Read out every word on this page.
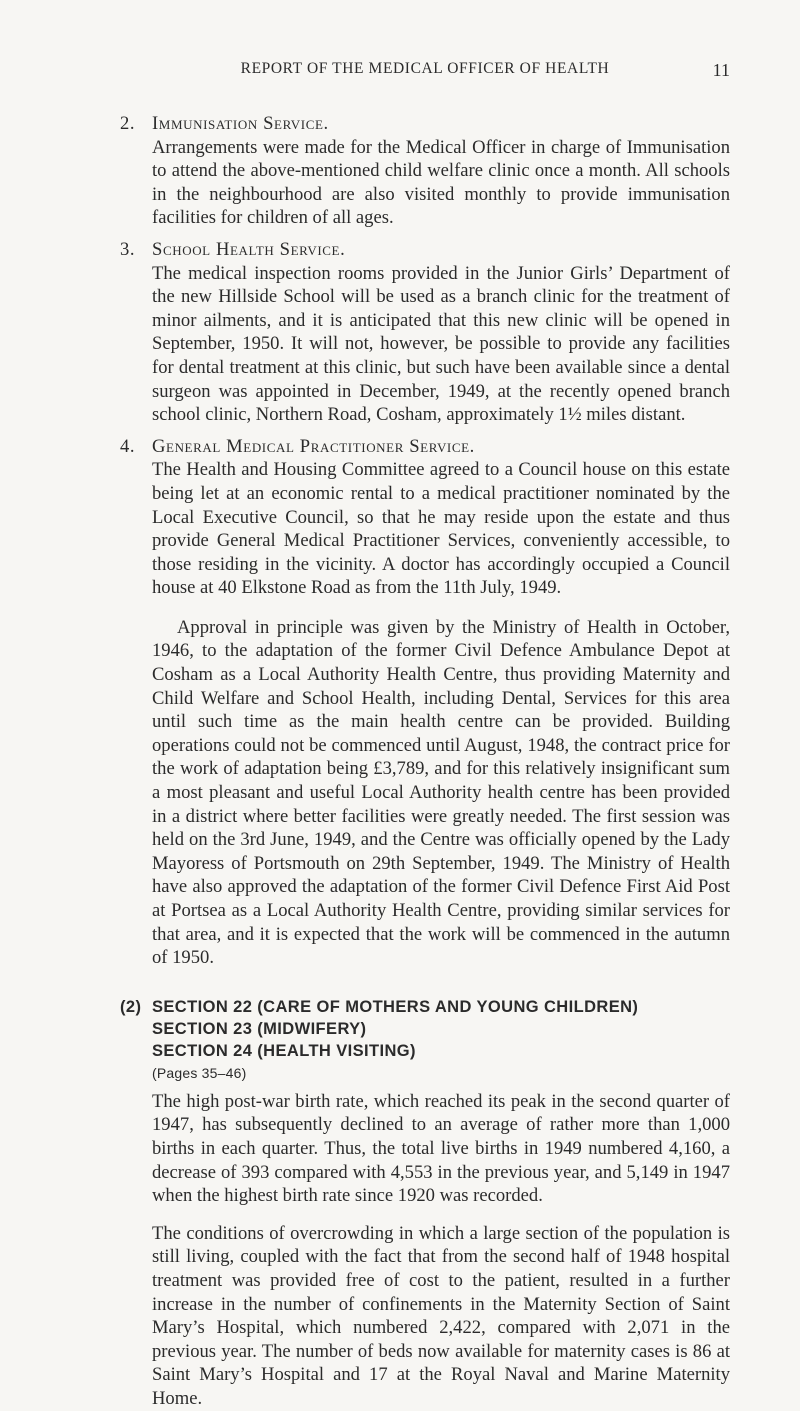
REPORT OF THE MEDICAL OFFICER OF HEALTH	11
2. Immunisation Service.

Arrangements were made for the Medical Officer in charge of Immunisation to attend the above-mentioned child welfare clinic once a month. All schools in the neighbourhood are also visited monthly to provide immunisation facilities for children of all ages.

3. School Health Service.

The medical inspection rooms provided in the Junior Girls’ Department of the new Hillside School will be used as a branch clinic for the treatment of minor ailments, and it is anticipated that this new clinic will be opened in September, 1950. It will not, however, be possible to provide any facilities for dental treatment at this clinic, but such have been available since a dental surgeon was appointed in December, 1949, at the recently opened branch school clinic, Northern Road, Cosham, approximately 1½ miles distant.

4. General Medical Practitioner Service.

The Health and Housing Committee agreed to a Council house on this estate being let at an economic rental to a medical practitioner nominated by the Local Executive Council, so that he may reside upon the estate and thus provide General Medical Practitioner Services, conveniently accessible, to those residing in the vicinity. A doctor has accordingly occupied a Council house at 40 Elkstone Road as from the 11th July, 1949.

Approval in principle was given by the Ministry of Health in October, 1946, to the adaptation of the former Civil Defence Ambulance Depot at Cosham as a Local Authority Health Centre, thus providing Maternity and Child Welfare and School Health, including Dental, Services for this area until such time as the main health centre can be provided. Building operations could not be commenced until August, 1948, the contract price for the work of adaptation being £3,789, and for this relatively insignificant sum a most pleasant and useful Local Authority health centre has been provided in a district where better facilities were greatly needed. The first session was held on the 3rd June, 1949, and the Centre was officially opened by the Lady Mayoress of Portsmouth on 29th September, 1949. The Ministry of Health have also approved the adaptation of the former Civil Defence First Aid Post at Portsea as a Local Authority Health Centre, providing similar services for that area, and it is expected that the work will be commenced in the autumn of 1950.

(2) SECTION 22 (CARE OF MOTHERS AND YOUNG CHILDREN)
SECTION 23 (MIDWIFERY)
SECTION 24 (HEALTH VISITING)
(Pages 35–46)

The high post-war birth rate, which reached its peak in the second quarter of 1947, has subsequently declined to an average of rather more than 1,000 births in each quarter. Thus, the total live births in 1949 numbered 4,160, a decrease of 393 compared with 4,553 in the previous year, and 5,149 in 1947 when the highest birth rate since 1920 was recorded.

The conditions of overcrowding in which a large section of the population is still living, coupled with the fact that from the second half of 1948 hospital treatment was provided free of cost to the patient, resulted in a further increase in the number of confinements in the Maternity Section of Saint Mary’s Hospital, which numbered 2,422, compared with 2,071 in the previous year. The number of beds now available for maternity cases is 86 at Saint Mary’s Hospital and 17 at the Royal Naval and Marine Maternity Home.
